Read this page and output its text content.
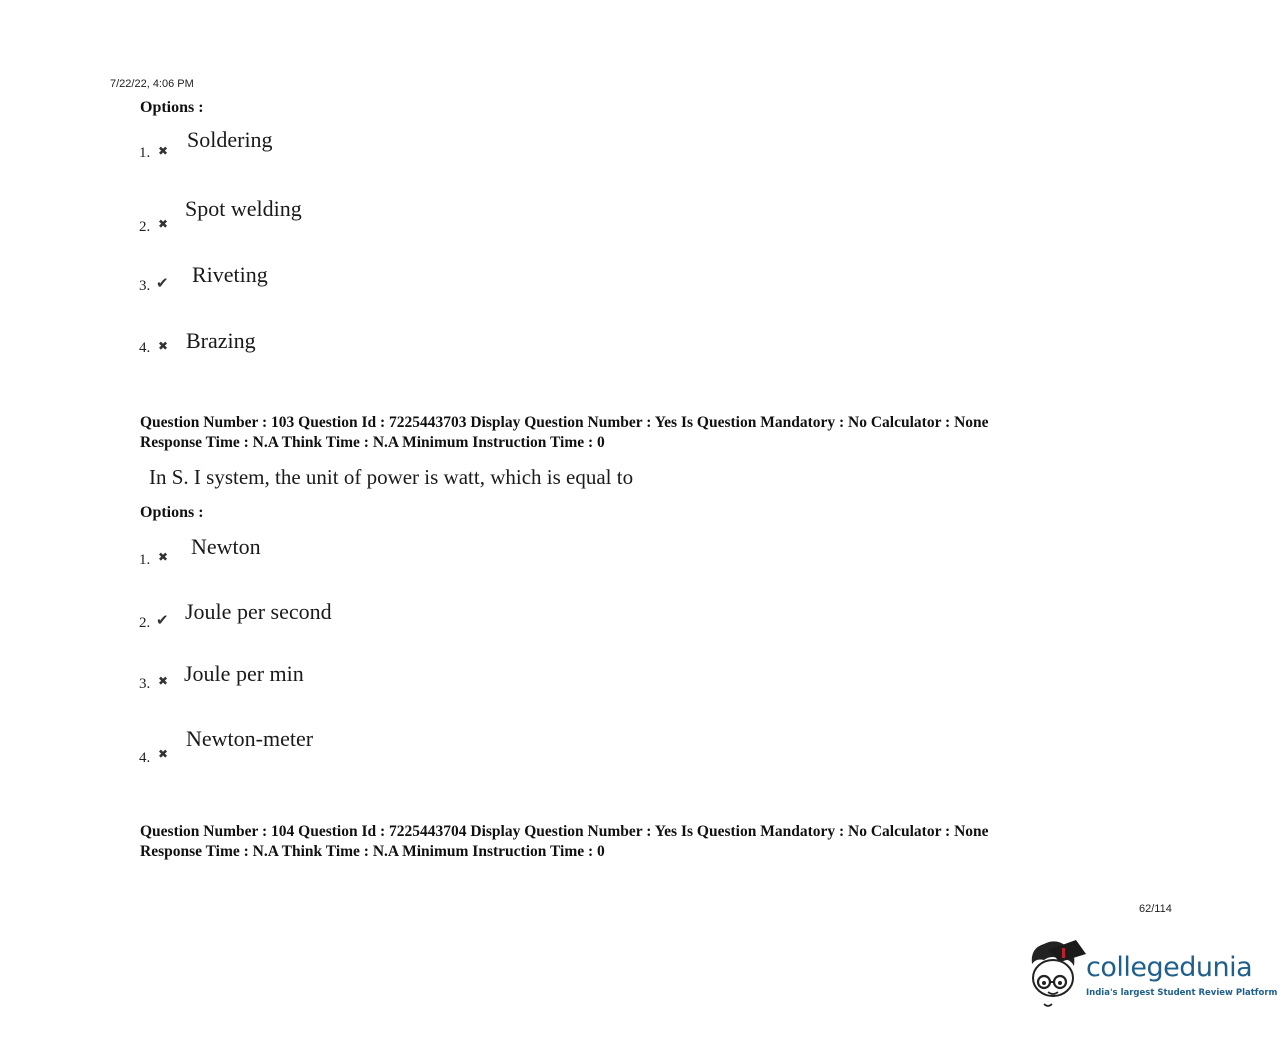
7/22/22, 4:06 PM
Options :
1. ✖ Soldering
2. ✖
Spot welding
3. ✔ Riveting
4. ✖ Brazing
Question Number : 103 Question Id : 7225443703 Display Question Number : Yes Is Question Mandatory : No Calculator : None
Response Time : N.A Think Time : N.A Minimum Instruction Time : 0
In S. I system, the unit of power is watt, which is equal to
Options :
1. ✖ Newton
2. ✔ Joule per second
3. ✖ Joule per min
4. ✖
Newton-meter
Question Number : 104 Question Id : 7225443704 Display Question Number : Yes Is Question Mandatory : No Calculator : None
Response Time : N.A Think Time : N.A Minimum Instruction Time : 0
62/114
collegedunia
India's largest Student Review Platform
